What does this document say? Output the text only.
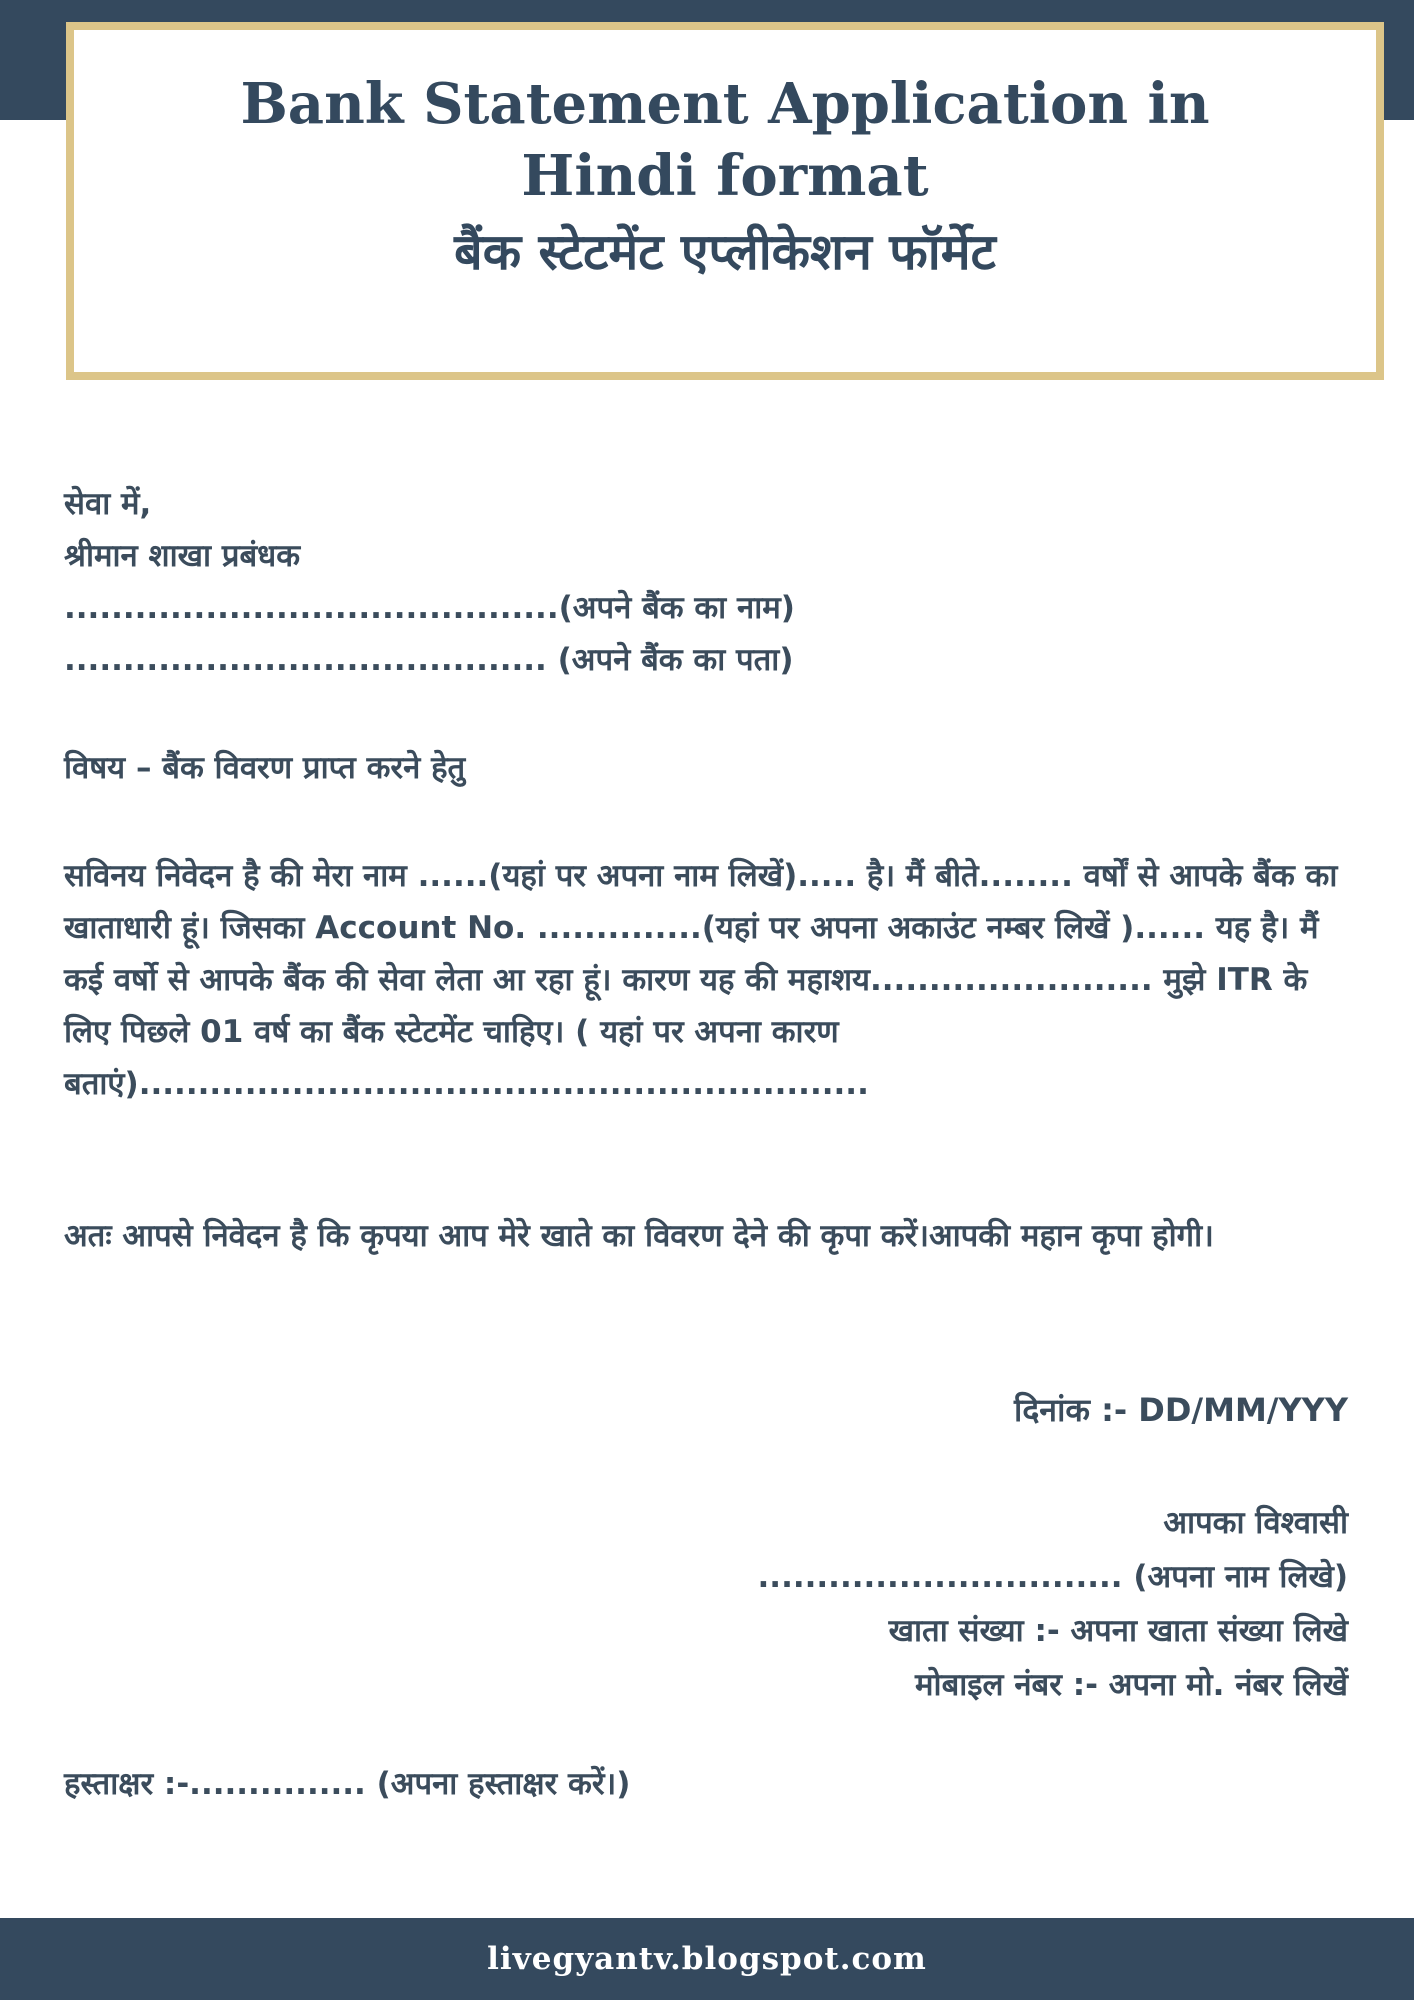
Bank Statement Application in
Hindi format
बैंक स्टेटमेंट एप्लीकेशन फॉर्मेट

सेवा में,

श्रीमान शाखा प्रबंधक

..........................................(अपने बैंक का नाम)

......................................... (अपने बैंक का पता)

विषय – बैंक विवरण प्राप्त करने हेतु

सविनय निवेदन है की मेरा नाम ......(यहां पर अपना नाम लिखें)..... है। मैं बीते........ वर्षों से आपके बैंक का खाताधारी हूं। जिसका Account No. ..............(यहां पर अपना अकाउंट नम्बर लिखें )...... यह है। मैं कई वर्षो से आपके बैंक की सेवा लेता आ रहा हूं। कारण यह की महाशय........................ मुझे ITR के लिए पिछले 01 वर्ष का बैंक स्टेटमेंट चाहिए। ( यहां पर अपना कारण बताएं)..............................................................

अतः आपसे निवेदन है कि कृपया आप मेरे खाते का विवरण देने की कृपा करें।आपकी महान कृपा होगी।

दिनांक :- DD/MM/YYY
आपका विश्वासी
............................... (अपना नाम लिखे)
खाता संख्या :- अपना खाता संख्या लिखे
मोबाइल नंबर :- अपना मो. नंबर लिखें
हस्ताक्षर :-............... (अपना हस्ताक्षर करें।)
livegyantv.blogspot.com
